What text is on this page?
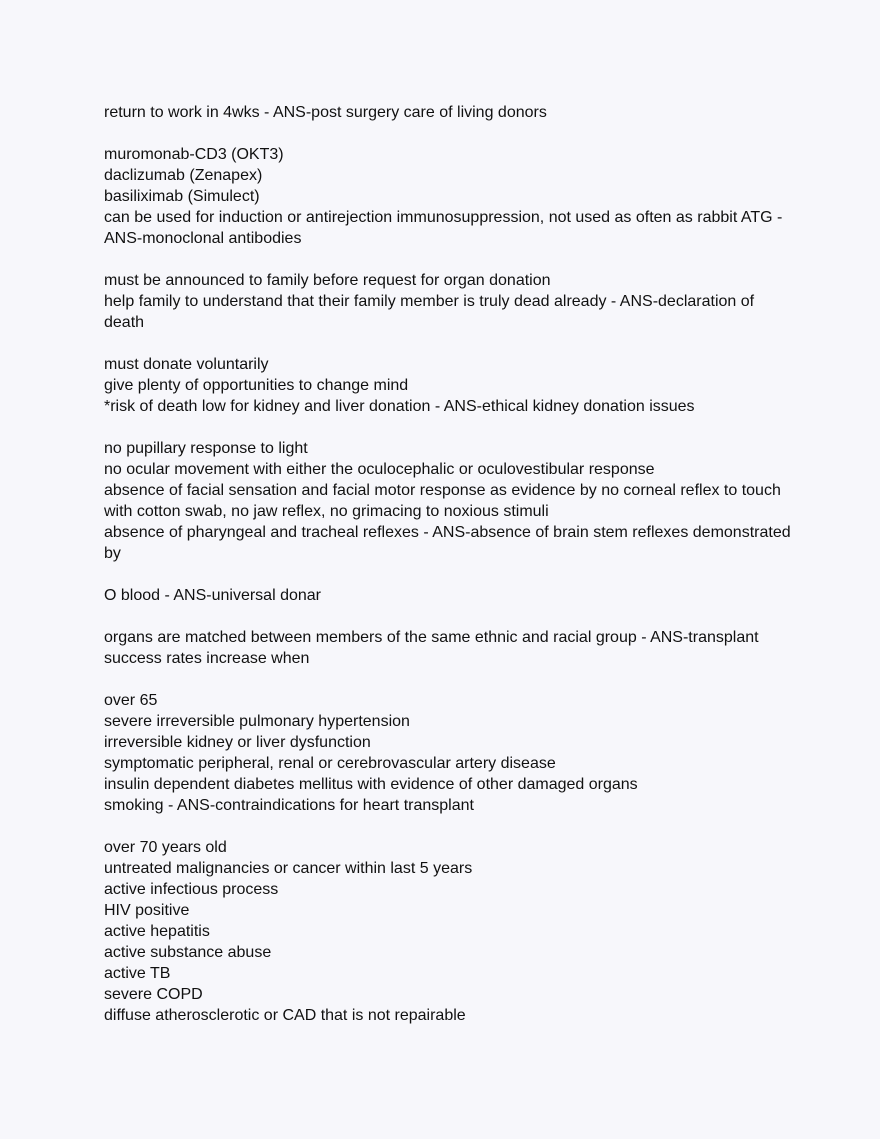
return to work in 4wks - ANS-post surgery care of living donors
muromonab-CD3 (OKT3)
daclizumab (Zenapex)
basiliximab (Simulect)
can be used for induction or antirejection immunosuppression, not used as often as rabbit ATG - ANS-monoclonal antibodies
must be announced to family before request for organ donation
help family to understand that their family member is truly dead already - ANS-declaration of death
must donate voluntarily
give plenty of opportunities to change mind
*risk of death low for kidney and liver donation - ANS-ethical kidney donation issues
no pupillary response to light
no ocular movement with either the oculocephalic or oculovestibular response
absence of facial sensation and facial motor response as evidence by no corneal reflex to touch with cotton swab, no jaw reflex, no grimacing to noxious stimuli
absence of pharyngeal and tracheal reflexes - ANS-absence of brain stem reflexes demonstrated by
O blood - ANS-universal donar
organs are matched between members of the same ethnic and racial group - ANS-transplant success rates increase when
over 65
severe irreversible pulmonary hypertension
irreversible kidney or liver dysfunction
symptomatic peripheral, renal or cerebrovascular artery disease
insulin dependent diabetes mellitus with evidence of other damaged organs
smoking - ANS-contraindications for heart transplant
over 70 years old
untreated malignancies or cancer within last 5 years
active infectious process
HIV positive
active hepatitis
active substance abuse
active TB
severe COPD
diffuse atherosclerotic or CAD that is not repairable
